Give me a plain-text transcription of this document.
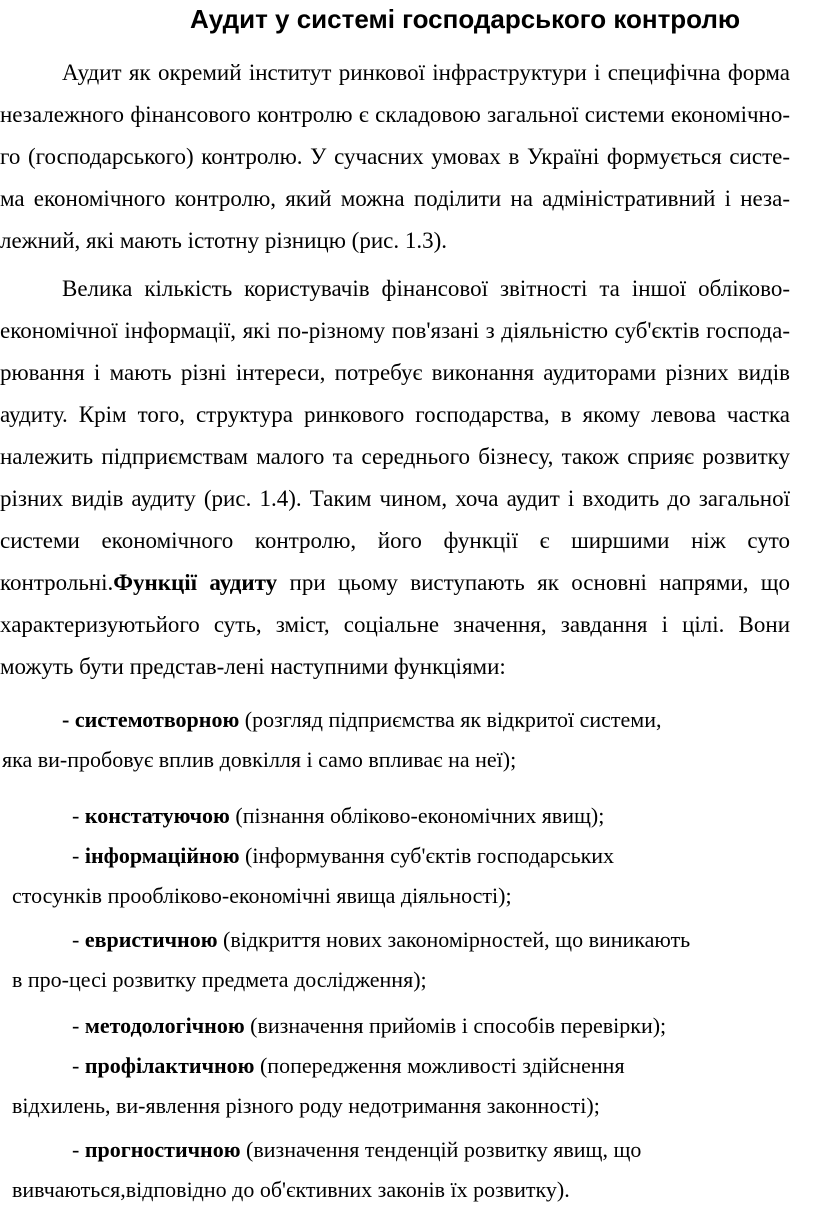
Аудит у системі господарського контролю

Аудит як окремий інститут ринкової інфраструктури і специфічна форма незалежного фінансового контролю є складовою загальної системи економічно-го (господарського) контролю. У сучасних умовах в Україні формується систе- ма економічного контролю, який можна поділити на адміністративний і неза- лежний, які мають істотну різницю (рис. 1.3).

Велика кількість користувачів фінансової звітності та іншої обліково-економічної інформації, які по-різному пов'язані з діяльністю суб'єктів господа-рювання і мають різні інтереси, потребує виконання аудиторами різних видів аудиту. Крім того, структура ринкового господарства, в якому левова частка належить підприємствам малого та середнього бізнесу, також сприяє розвитку різних видів аудиту (рис. 1.4). Таким чином, хоча аудит і входить до загальної системи економічного контролю, його функції є ширшими ніж суто контрольні.Функції аудиту при цьому виступають як основні напрями, що характеризуютьйого суть, зміст, соціальне значення, завдання і цілі. Вони можуть бути представ-лені наступними функціями:

- системотворною (розгляд підприємства як відкритої системи,
яка ви-пробовує вплив довкілля і само впливає на неї);
- констатуючою (пізнання обліково-економічних явищ);
- інформаційною (інформування суб'єктів господарських
стосунків прообліково-економічні явища діяльності);
- евристичною (відкриття нових закономірностей, що виникають
в про-цесі розвитку предмета дослідження);
- методологічною (визначення прийомів і способів перевірки);
- профілактичною (попередження можливості здійснення
відхилень, ви-явлення різного роду недотримання законності);
- прогностичною (визначення тенденцій розвитку явищ, що
вивчаються,відповідно до об'єктивних законів їх розвитку).
